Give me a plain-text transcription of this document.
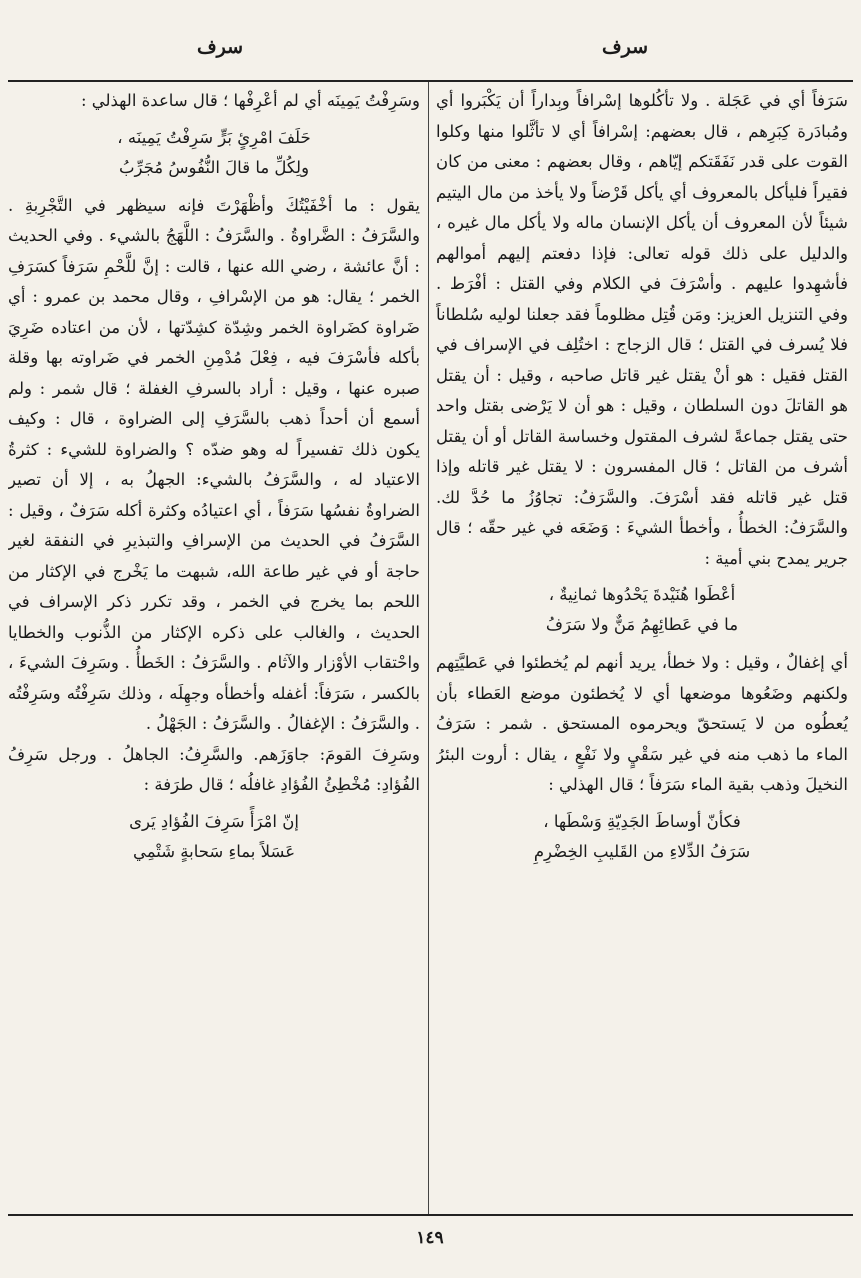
سرف
سرف

سَرَفاً أي في عَجَلة . ولا تأكُلوها إسْرافاً وبِداراً أن يَكْبَروا أي ومُبادَرة كِبَرِهم ، قال بعضهم: إسْرافاً أي لا تأثَّلوا منها وكلوا القوت على قدر نَفَقَتكم إيّاهم ، وقال بعضهم : معنى من كان فقيراً فليأكل بالمعروف أي يأكل قَرْضاً ولا يأخذ من مال اليتيم شيئاً لأن المعروف أن يأكل الإنسان ماله ولا يأكل مال غيره ، والدليل على ذلك قوله تعالى: فإذا دفعتم إليهم أموالهم فأشهِدوا عليهم . وأسْرَفَ في الكلام وفي القتل : أفْرَط . وفي التنزيل العزيز: ومَن قُتِل مظلوماً فقد جعلنا لوليه سُلطاناً فلا يُسرف في القتل ؛ قال الزجاج : اختُلِف في الإسراف في القتل فقيل : هو أنْ يقتل غير قاتل صاحبه ، وقيل : أن يقتل هو القاتلَ دون السلطان ، وقيل : هو أن لا يَرْضى بقتل واحد حتى يقتل جماعةً لشرف المقتول وخساسة القاتل أو أن يقتل أشرف من القاتل ؛ قال المفسرون : لا يقتل غير قاتله وإذا قتل غير قاتله فقد أسْرَفَ. والسَّرَفُ: تجاوُزُ ما حُدَّ لك. والسَّرَفُ: الخطأُ ، وأخطأ الشيءَ : وَضَعَه في غير حقّه ؛ قال جرير يمدح بني أمية :

أعْطَوا هُنَيْدةَ يَحْدُوها ثمانِيةٌ ،
ما في عَطائِهِمُ مَنٌّ ولا سَرَفُ

أي إغفالٌ ، وقيل : ولا خطأ، يريد أنهم لم يُخطئوا في عَطيَّتِهم ولكنهم وضَعُوها موضعها أي لا يُخطئون موضع العَطاء بأن يُعطُوه من لا يَستحقّ ويحرموه المستحق . شمر : سَرَفُ الماء ما ذهب منه في غير سَقْيٍ ولا نَفْعٍ ، يقال : أروت البئرُ النخيلَ وذهب بقية الماء سَرَفاً ؛ قال الهذلي :

فكأنّ أوساطَ الجَدِيّةِ وَسْطَها ،
سَرَفُ الدِّلاءِ من القَليبِ الخِضْرِمِ

وسَرِفْتُ يَمِينَه أي لم أعْرِفْها ؛ قال ساعدة الهذلي :

حَلَفَ امْرِئٍ بَرٍّ سَرِفْتُ يَمِينَه ،
ولِكُلِّ ما قالَ النُّفُوسُ مُجَرِّبُ

يقول : ما أخْفَيْتُكَ وأظْهَرْتَ فإنه سيظهر في التَّجْرِبةِ . والسَّرَفُ : الضَّراوةُ . والسَّرَفُ : اللَّهَجُ بالشيء . وفي الحديث : أنَّ عائشة ، رضي الله عنها ، قالت : إنَّ للَّحْمِ سَرَفاً كسَرَفِ الخمر ؛ يقال: هو من الإسْرافِ ، وقال محمد بن عمرو : أي ضَراوة كضَراوة الخمر وشِدّة كشِدّتها ، لأن من اعتاده ضَرِيَ بأكله فأسْرَفَ فيه ، فِعْلَ مُدْمِنِ الخمر في ضَراوته بها وقلة صبره عنها ، وقيل : أراد بالسرفِ الغفلة ؛ قال شمر : ولم أسمع أن أحداً ذهب بالسَّرَفِ إلى الضراوة ، قال : وكيف يكون ذلك تفسيراً له وهو ضدّه ؟ والضراوة للشيء : كثرةُ الاعتياد له ، والسَّرَفُ بالشيء: الجهلُ به ، إلا أن تصير الضراوةُ نفسُها سَرَفاً ، أي اعتيادُه وكثرة أكله سَرَفٌ ، وقيل : السَّرَفُ في الحديث من الإسرافِ والتبذيرِ في النفقة لغير حاجة أو في غير طاعة الله، شبهت ما يَخْرج في الإكثار من اللحم بما يخرج في الخمر ، وقد تكرر ذكر الإسراف في الحديث ، والغالب على ذكره الإكثار من الذُّنوب والخطايا واحْتقاب الأوْزار والآثام . والسَّرَفُ : الخَطأُ . وسَرِفَ الشيءَ ، بالكسر ، سَرَفاً: أغفله وأخطأه وجهِلَه ، وذلك سَرِفْتُه وسَرِفْتُه . والسَّرَفُ : الإغفالُ . والسَّرَفُ : الجَهْلُ .

وسَرِفَ القومَ: جاوَزَهم. والسَّرِفُ: الجاهلُ . ورجل سَرِفُ الفُؤادِ: مُخْطِئُ الفُؤادِ غافلُه ؛ قال طرَفة :

إنّ امْرَأً سَرِفَ الفُؤادِ يَرى
عَسَلاً بماءِ سَحابةٍ شَتْمِي
١٤٩
